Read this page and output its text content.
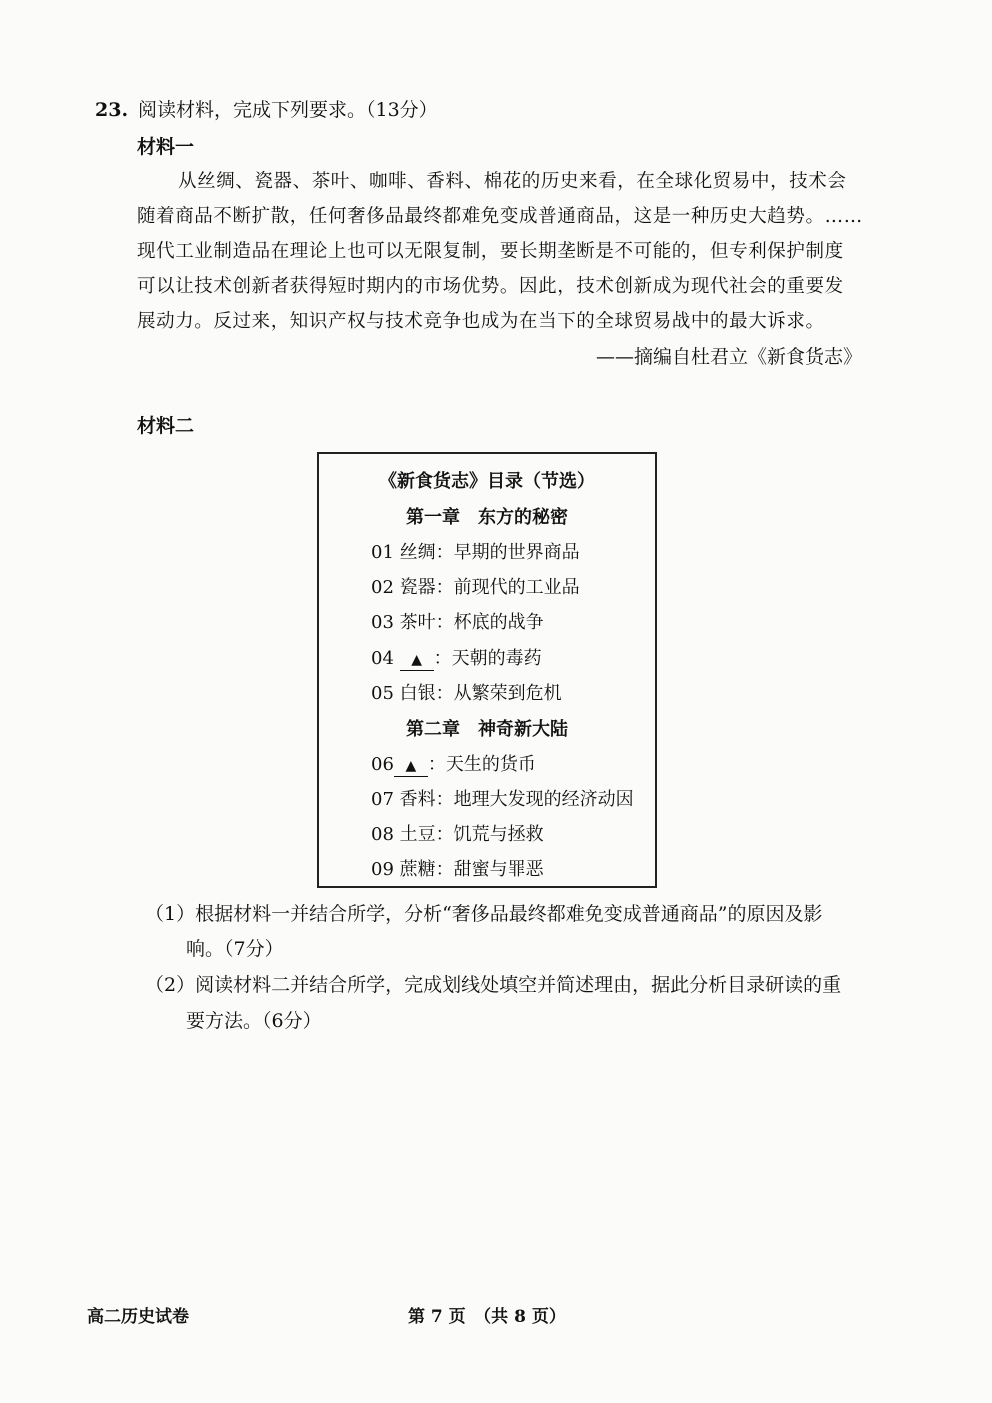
23. 阅读材料，完成下列要求。（13分）
材料一
从丝绸、瓷器、茶叶、咖啡、香料、棉花的历史来看，在全球化贸易中，技术会
随着商品不断扩散，任何奢侈品最终都难免变成普通商品，这是一种历史大趋势。……
现代工业制造品在理论上也可以无限复制，要长期垄断是不可能的，但专利保护制度
可以让技术创新者获得短时期内的市场优势。因此，技术创新成为现代社会的重要发
展动力。反过来，知识产权与技术竞争也成为在当下的全球贸易战中的最大诉求。
——摘编自杜君立《新食货志》
材料二
《新食货志》目录（节选）
第一章　东方的秘密
01 丝绸：早期的世界商品
02 瓷器：前现代的工业品
03 茶叶：杯底的战争
04 ▲ ：天朝的毒药
05 白银：从繁荣到危机
第二章　神奇新大陆
06 ▲ ：天生的货币
07 香料：地理大发现的经济动因
08 土豆：饥荒与拯救
09 蔗糖：甜蜜与罪恶
（1）根据材料一并结合所学，分析“奢侈品最终都难免变成普通商品”的原因及影
响。（7分）
（2）阅读材料二并结合所学，完成划线处填空并简述理由，据此分析目录研读的重
要方法。（6分）
高二历史试卷	第 7 页　（共 8 页）
